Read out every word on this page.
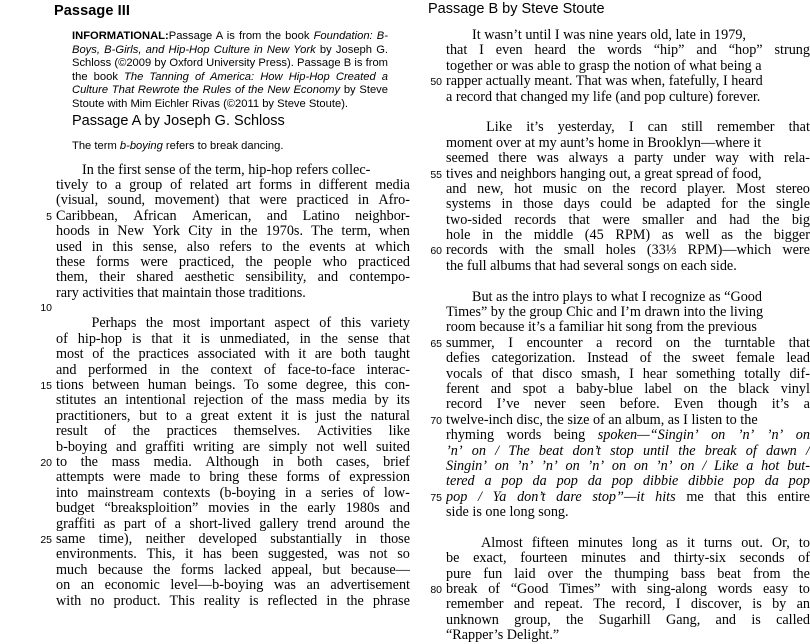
Passage III
INFORMATIONAL:Passage A is from the book Foundation: B-Boys, B-Girls, and Hip-Hop Culture in New York by Joseph G. Schloss (©2009 by Oxford University Press). Passage B is from the book The Tanning of America: How Hip-Hop Created a Culture That Rewrote the Rules of the New Economy by Steve Stoute with Mim Eichler Rivas (©2011 by Steve Stoute).
Passage A by Joseph G. Schloss
The term b-boying refers to break dancing.
In the first sense of the term, hip-hop refers collec-
tively to a group of related art forms in different media
(visual, sound, movement) that were practiced in Afro-
5 Caribbean, African American, and Latino neighbor-
hoods in New York City in the 1970s. The term, when
used in this sense, also refers to the events at which
these forms were practiced, the people who practiced
them, their shared aesthetic sensibility, and contempo-
rary activities that maintain those traditions.
10
Perhaps the most important aspect of this variety
of hip-hop is that it is unmediated, in the sense that
most of the practices associated with it are both taught
and performed in the context of face-to-face interac-
15 tions between human beings. To some degree, this con-
stitutes an intentional rejection of the mass media by its
practitioners, but to a great extent it is just the natural
result of the practices themselves. Activities like
b-boying and graffiti writing are simply not well suited
20 to the mass media. Although in both cases, brief
attempts were made to bring these forms of expression
into mainstream contexts (b-boying in a series of low-
budget “breaksploition” movies in the early 1980s and
graffiti as part of a short-lived gallery trend around the
25 same time), neither developed substantially in those
environments. This, it has been suggested, was not so
much because the forms lacked appeal, but because—
on an economic level—b-boying was an advertisement
with no product. This reality is reflected in the phrase
Passage B by Steve Stoute
It wasn’t until I was nine years old, late in 1979,
that I even heard the words “hip” and “hop” strung
together or was able to grasp the notion of what being a
50 rapper actually meant. That was when, fatefully, I heard
a record that changed my life (and pop culture) forever.
Like it’s yesterday, I can still remember that
moment over at my aunt’s home in Brooklyn—where it
seemed there was always a party under way with rela-
55 tives and neighbors hanging out, a great spread of food,
and new, hot music on the record player. Most stereo
systems in those days could be adapted for the single
two-sided records that were smaller and had the big
hole in the middle (45 RPM) as well as the bigger
60 records with the small holes (33⅓ RPM)—which were
the full albums that had several songs on each side.
But as the intro plays to what I recognize as “Good
Times” by the group Chic and I’m drawn into the living
room because it’s a familiar hit song from the previous
65 summer, I encounter a record on the turntable that
defies categorization. Instead of the sweet female lead
vocals of that disco smash, I hear something totally dif-
ferent and spot a baby-blue label on the black vinyl
record I’ve never seen before. Even though it’s a
70 twelve-inch disc, the size of an album, as I listen to the
rhyming words being spoken—“Singin’ on ’n’ ’n’ on
’n’ on / The beat don’t stop until the break of dawn /
Singin’ on ’n’ ’n’ on ’n’ on on ’n’ on / Like a hot but-
tered a pop da pop da pop dibbie dibbie pop da pop
75 pop / Ya don’t dare stop”—it hits me that this entire
side is one long song.
Almost fifteen minutes long as it turns out. Or, to
be exact, fourteen minutes and thirty-six seconds of
pure fun laid over the thumping bass beat from the
80 break of “Good Times” with sing-along words easy to
remember and repeat. The record, I discover, is by an
unknown group, the Sugarhill Gang, and is called
“Rapper’s Delight.”
